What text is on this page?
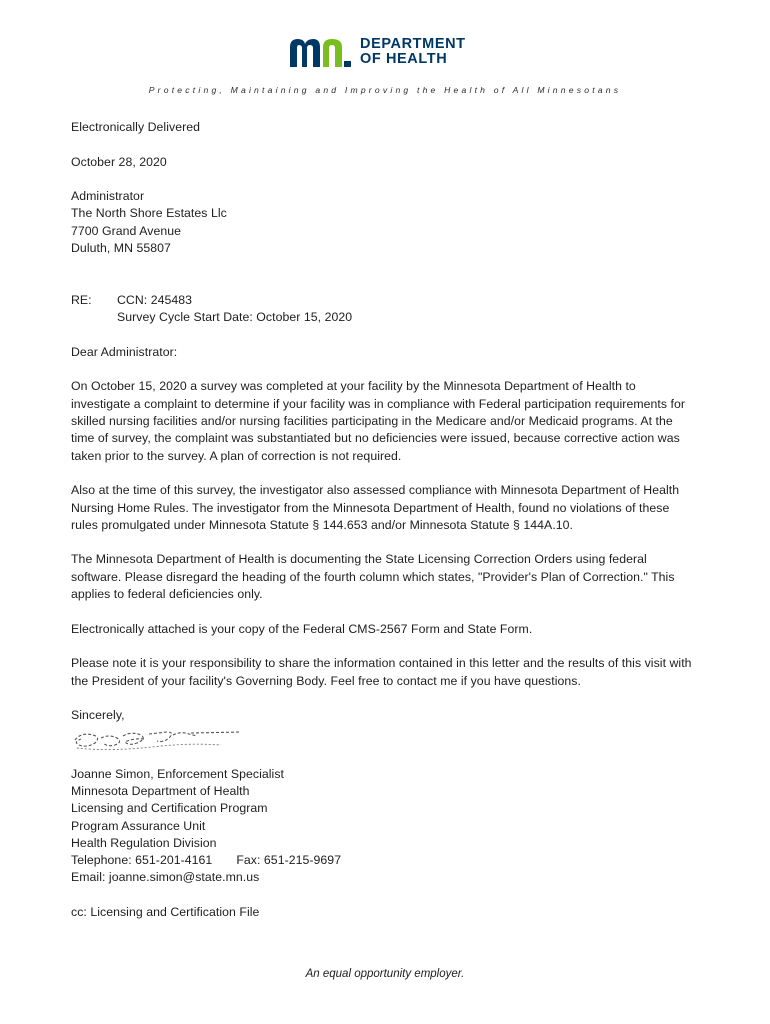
DEPARTMENT
OF HEALTH
Protecting, Maintaining and Improving the Health of All Minnesotans

Electronically Delivered

October 28, 2020

Administrator

The North Shore Estates Llc

7700 Grand Avenue

Duluth, MN 55807

RE:	CCN: 245483

Survey Cycle Start Date: October 15, 2020

Dear Administrator:

On October 15, 2020 a survey was completed at your facility by the Minnesota Department of Health to investigate a complaint to determine if your facility was in compliance with Federal participation requirements for skilled nursing facilities and/or nursing facilities participating in the Medicare and/or Medicaid programs. At the time of survey, the complaint was substantiated but no deficiencies were issued, because corrective action was taken prior to the survey. A plan of correction is not required.

Also at the time of this survey, the investigator also assessed compliance with Minnesota Department of Health Nursing Home Rules. The investigator from the Minnesota Department of Health, found no violations of these rules promulgated under Minnesota Statute § 144.653 and/or Minnesota Statute § 144A.10.

The Minnesota Department of Health is documenting the State Licensing Correction Orders using federal software. Please disregard the heading of the fourth column which states, "Provider's Plan of Correction." This applies to federal deficiencies only.

Electronically attached is your copy of the Federal CMS-2567 Form and State Form.

Please note it is your responsibility to share the information contained in this letter and the results of this visit with the President of your facility's Governing Body. Feel free to contact me if you have questions.

Sincerely,

Joanne Simon, Enforcement Specialist

Minnesota Department of Health

Licensing and Certification Program

Program Assurance Unit

Health Regulation Division

Telephone: 651-201-4161 Fax: 651-215-9697

Email: joanne.simon@state.mn.us

cc: Licensing and Certification File

An equal opportunity employer.
